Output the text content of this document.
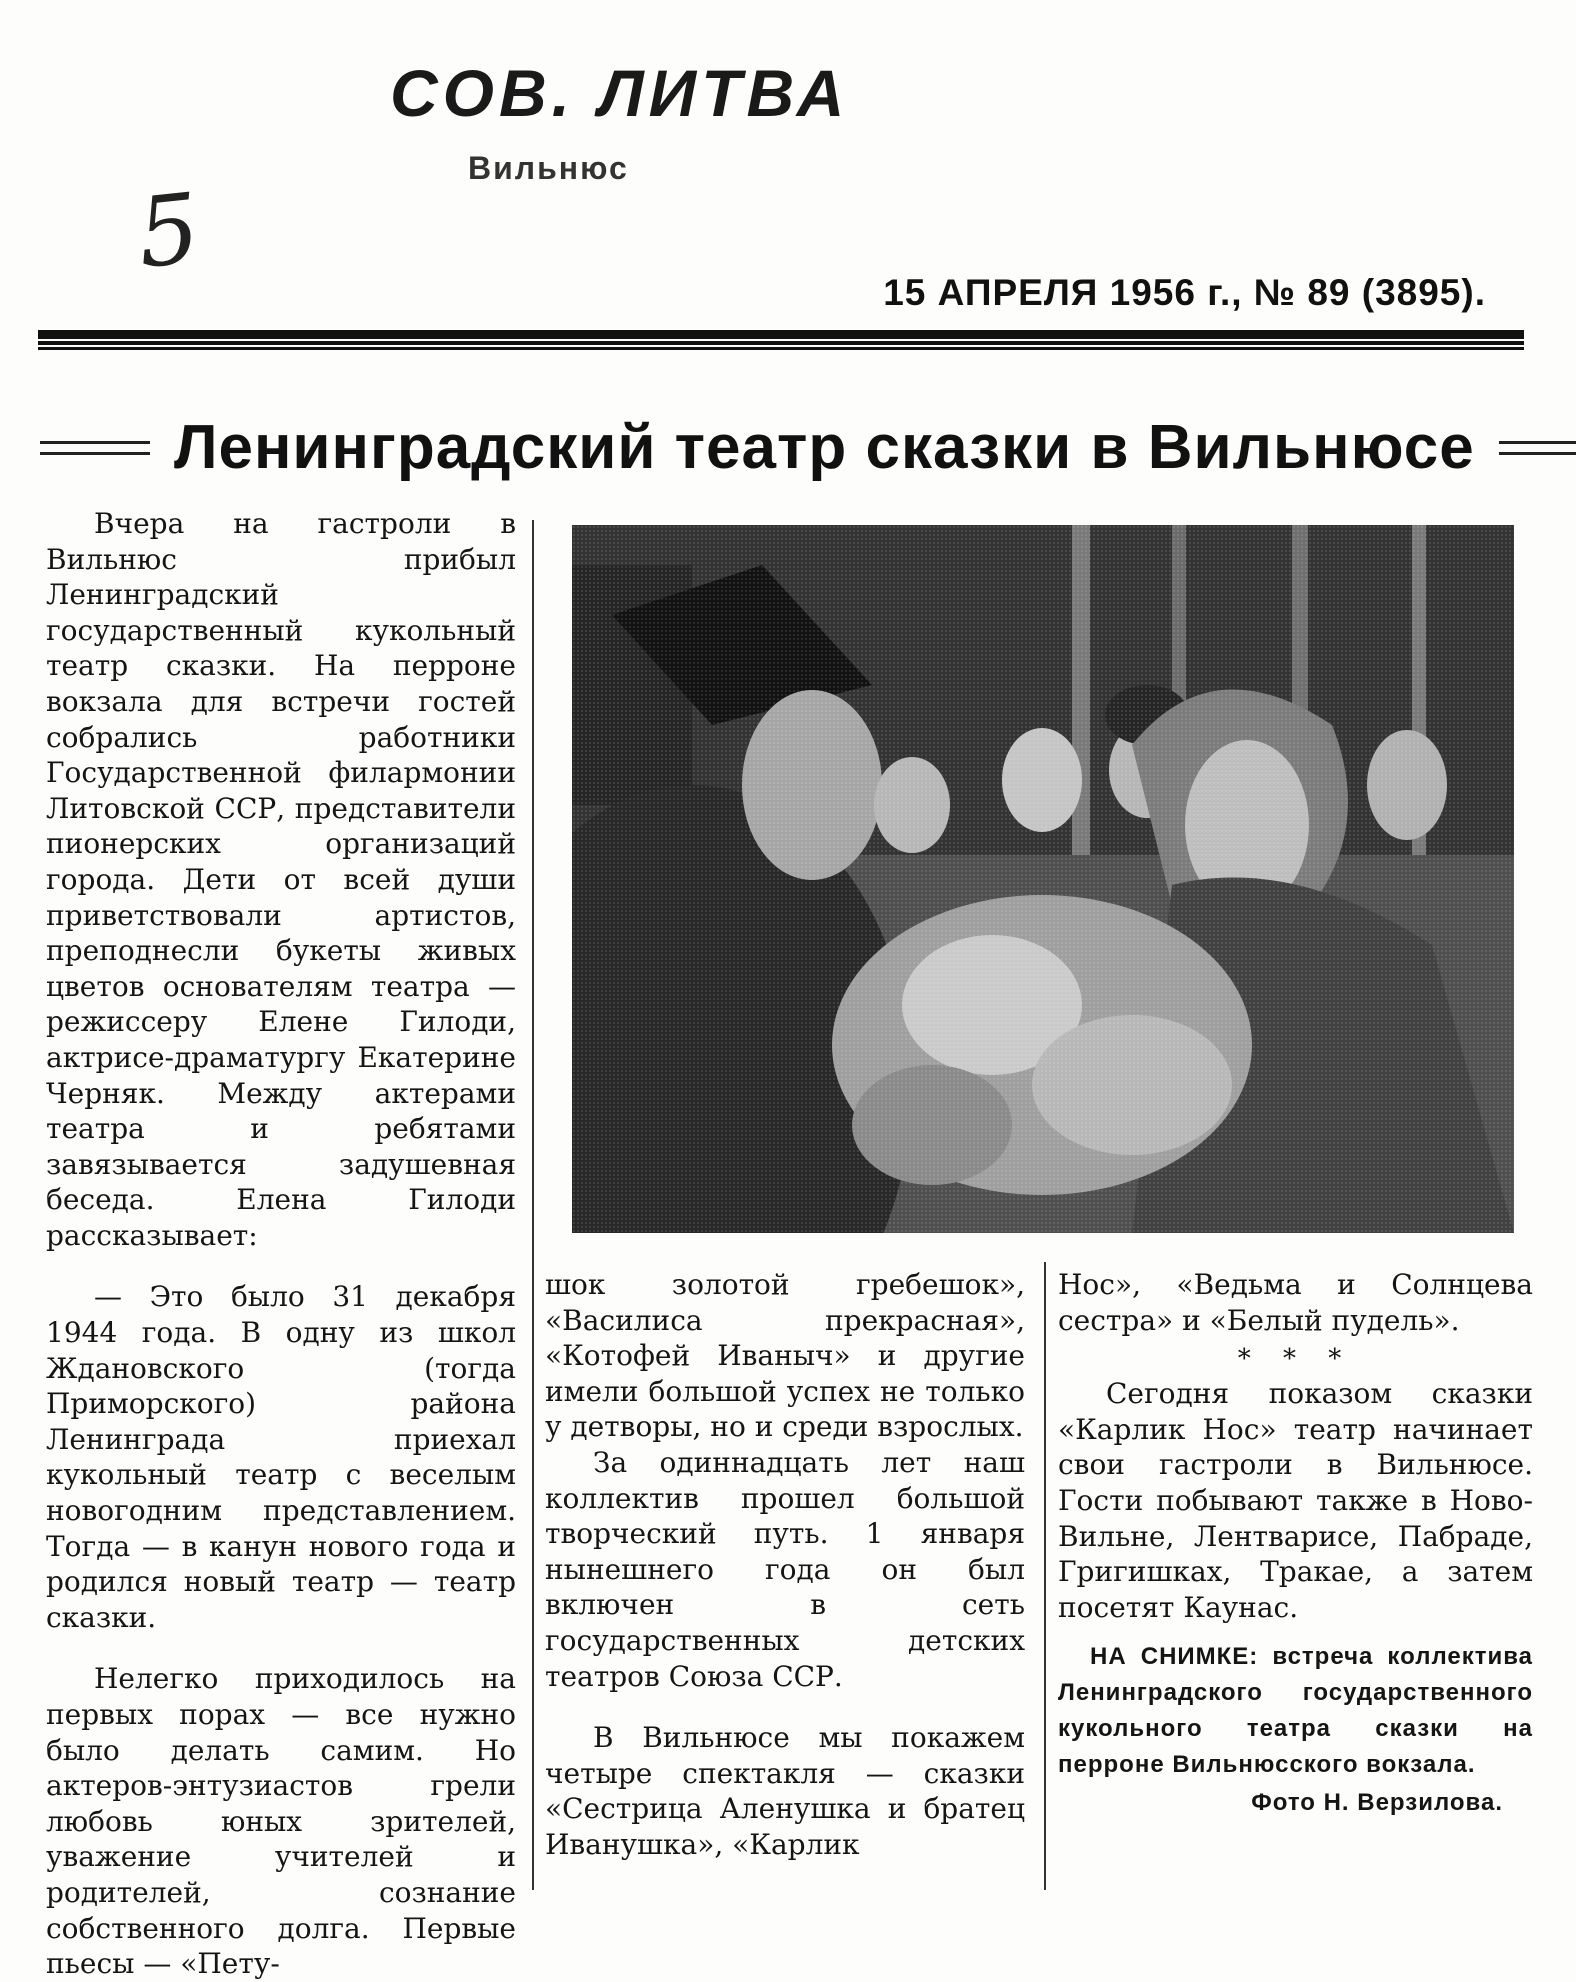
СОВ. ЛИТВА
Вильнюс
5
15 АПРЕЛЯ 1956 г., № 89 (3895).
Ленинградский театр сказки в Вильнюсе

Вчера на гастроли в Вильнюс прибыл Ленинградский государственный кукольный театр сказки. На перроне вокзала для встречи гостей собрались работники Государственной филармонии Литовской ССР, представители пионерских организаций города. Дети от всей души приветствовали артистов, преподнесли букеты живых цветов основателям театра — режиссеру Елене Гилоди, актрисе-драматургу Екатерине Черняк. Между актерами театра и ребятами завязывается задушевная беседа. Елена Гилоди рассказывает:

— Это было 31 декабря 1944 года. В одну из школ Ждановского (тогда Приморского) района Ленинграда приехал кукольный театр с веселым новогодним представлением. Тогда — в канун нового года и родился новый театр — театр сказки.

Нелегко приходилось на первых порах — все нужно было делать самим. Но актеров-энтузиастов грели любовь юных зрителей, уважение учителей и родителей, сознание собственного долга. Первые пьесы — «Пету-

шок золотой гребешок», «Василиса прекрасная», «Котофей Иваныч» и другие имели большой успех не только у детворы, но и среди взрослых.

За одиннадцать лет наш коллектив прошел большой творческий путь. 1 января нынешнего года он был включен в сеть государственных детских театров Союза ССР.

В Вильнюсе мы покажем четыре спектакля — сказки «Сестрица Аленушка и братец Иванушка», «Карлик

Нос», «Ведьма и Солнцева сестра» и «Белый пудель».

* * *

Сегодня показом сказки «Карлик Нос» театр начинает свои гастроли в Вильнюсе. Гости побывают также в Ново-Вильне, Лентварисе, Пабраде, Григишках, Тракае, а затем посетят Каунас.

НА СНИМКЕ: встреча коллектива Ленинградского государственного кукольного театра сказки на перроне Вильнюсского вокзала.
Фото Н. Верзилова.
